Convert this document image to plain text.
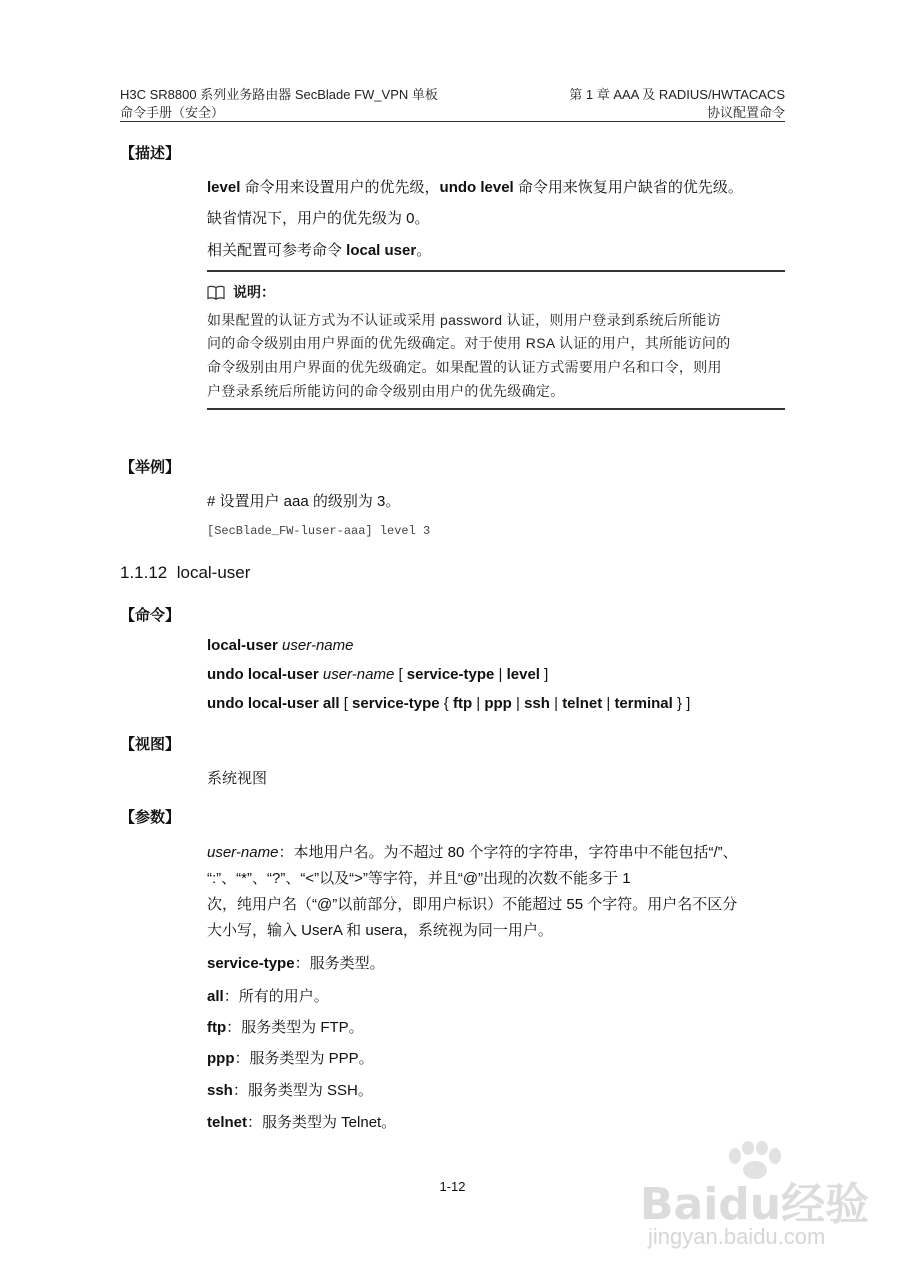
H3C SR8800 系列业务路由器 SecBlade FW_VPN 单板
命令手册（安全）
第 1 章 AAA 及 RADIUS/HWTACACS
协议配置命令
【描述】
level 命令用来设置用户的优先级，undo level 命令用来恢复用户缺省的优先级。
缺省情况下，用户的优先级为 0。
相关配置可参考命令 local user。
说明：
如果配置的认证方式为不认证或采用 password 认证，则用户登录到系统后所能访
问的命令级别由用户界面的优先级确定。对于使用 RSA 认证的用户，其所能访问的
命令级别由用户界面的优先级确定。如果配置的认证方式需要用户名和口令，则用
户登录系统后所能访问的命令级别由用户的优先级确定。
【举例】
# 设置用户 aaa 的级别为 3。
[SecBlade_FW-luser-aaa] level 3
1.1.12 local-user
【命令】
local-user user-name
undo local-user user-name [ service-type | level ]
undo local-user all [ service-type { ftp | ppp | ssh | telnet | terminal } ]
【视图】
系统视图
【参数】
user-name：本地用户名。为不超过 80 个字符的字符串，字符串中不能包括“/”、
“:”、“*”、“?”、“<”以及“>”等字符，并且“@”出现的次数不能多于 1
次，纯用户名（“@”以前部分，即用户标识）不能超过 55 个字符。用户名不区分
大小写，输入 UserA 和 usera，系统视为同一用户。
service-type：服务类型。
all：所有的用户。
ftp：服务类型为 FTP。
ppp：服务类型为 PPP。
ssh：服务类型为 SSH。
telnet：服务类型为 Telnet。
1-12	Baidu经验
jingyan.baidu.com
